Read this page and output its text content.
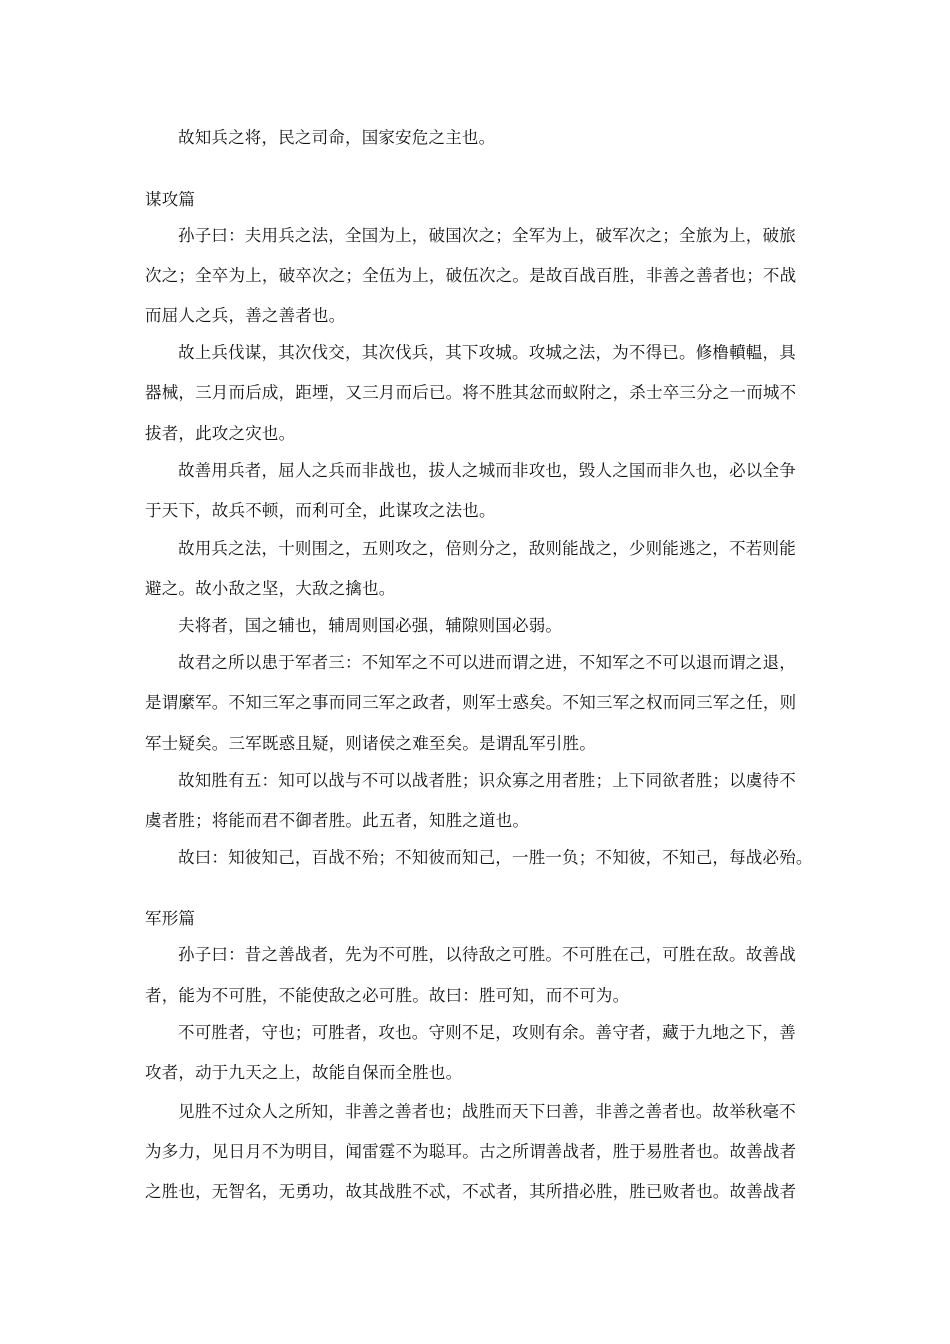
故知兵之将，民之司命，国家安危之主也。
谋攻篇
孙子曰：夫用兵之法，全国为上，破国次之；全军为上，破军次之；全旅为上，破旅
次之；全卒为上，破卒次之；全伍为上，破伍次之。是故百战百胜，非善之善者也；不战
而屈人之兵，善之善者也。
故上兵伐谋，其次伐交，其次伐兵，其下攻城。攻城之法，为不得已。修橹轒輼，具
器械，三月而后成，距堙，又三月而后已。将不胜其忿而蚁附之，杀士卒三分之一而城不
拔者，此攻之灾也。
故善用兵者，屈人之兵而非战也，拔人之城而非攻也，毁人之国而非久也，必以全争
于天下，故兵不顿，而利可全，此谋攻之法也。
故用兵之法，十则围之，五则攻之，倍则分之，敌则能战之，少则能逃之，不若则能
避之。故小敌之坚，大敌之擒也。
夫将者，国之辅也，辅周则国必强，辅隙则国必弱。
故君之所以患于军者三：不知军之不可以进而谓之进，不知军之不可以退而谓之退，
是谓縻军。不知三军之事而同三军之政者，则军士惑矣。不知三军之权而同三军之任，则
军士疑矣。三军既惑且疑，则诸侯之难至矣。是谓乱军引胜。
故知胜有五：知可以战与不可以战者胜；识众寡之用者胜；上下同欲者胜；以虞待不
虞者胜；将能而君不御者胜。此五者，知胜之道也。
故曰：知彼知己，百战不殆；不知彼而知己，一胜一负；不知彼，不知己，每战必殆。
军形篇
孙子曰：昔之善战者，先为不可胜，以待敌之可胜。不可胜在己，可胜在敌。故善战
者，能为不可胜，不能使敌之必可胜。故曰：胜可知，而不可为。
不可胜者，守也；可胜者，攻也。守则不足，攻则有余。善守者，藏于九地之下，善
攻者，动于九天之上，故能自保而全胜也。
见胜不过众人之所知，非善之善者也；战胜而天下曰善，非善之善者也。故举秋毫不
为多力，见日月不为明目，闻雷霆不为聪耳。古之所谓善战者，胜于易胜者也。故善战者
之胜也，无智名，无勇功，故其战胜不忒，不忒者，其所措必胜，胜已败者也。故善战者
